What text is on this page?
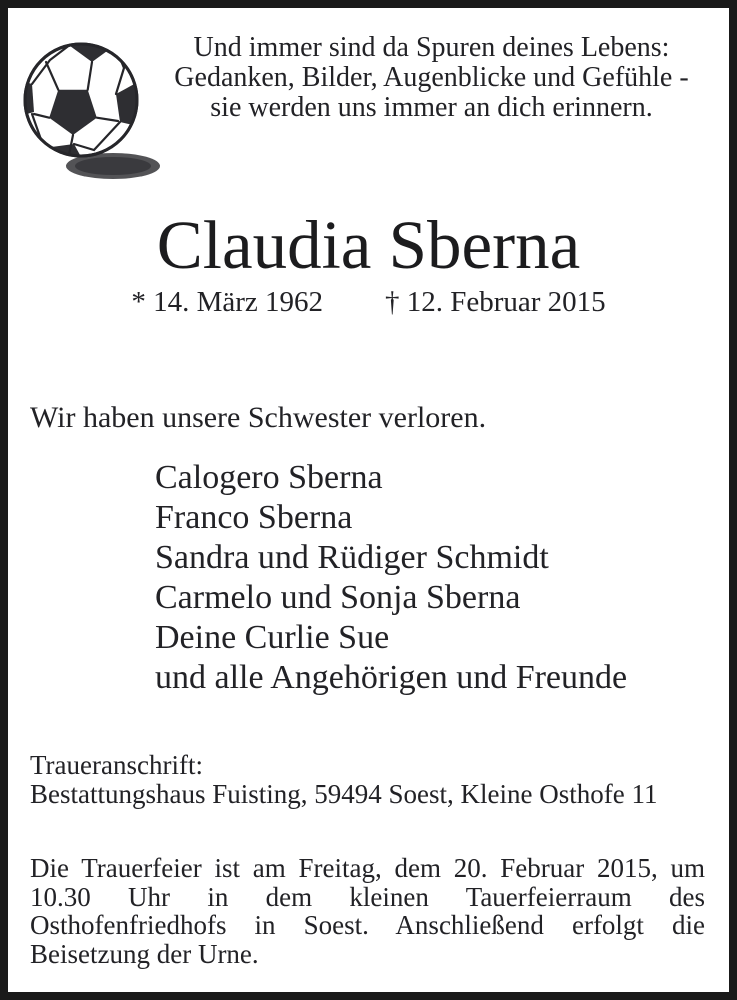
Und immer sind da Spuren deines Lebens:
Gedanken, Bilder, Augenblicke und Gefühle -
sie werden uns immer an dich erinnern.
Claudia Sberna
* 14. März 1962 † 12. Februar 2015
Wir haben unsere Schwester verloren.
Calogero Sberna
Franco Sberna
Sandra und Rüdiger Schmidt
Carmelo und Sonja Sberna
Deine Curlie Sue
und alle Angehörigen und Freunde
Traueranschrift:
Bestattungshaus Fuisting, 59494 Soest, Kleine Osthofe 11
Die Trauerfeier ist am Freitag, dem 20. Februar 2015, um
10.30 Uhr in dem kleinen Tauerfeierraum des
Osthofenfriedhofs in Soest. Anschließend erfolgt die
Beisetzung der Urne.
